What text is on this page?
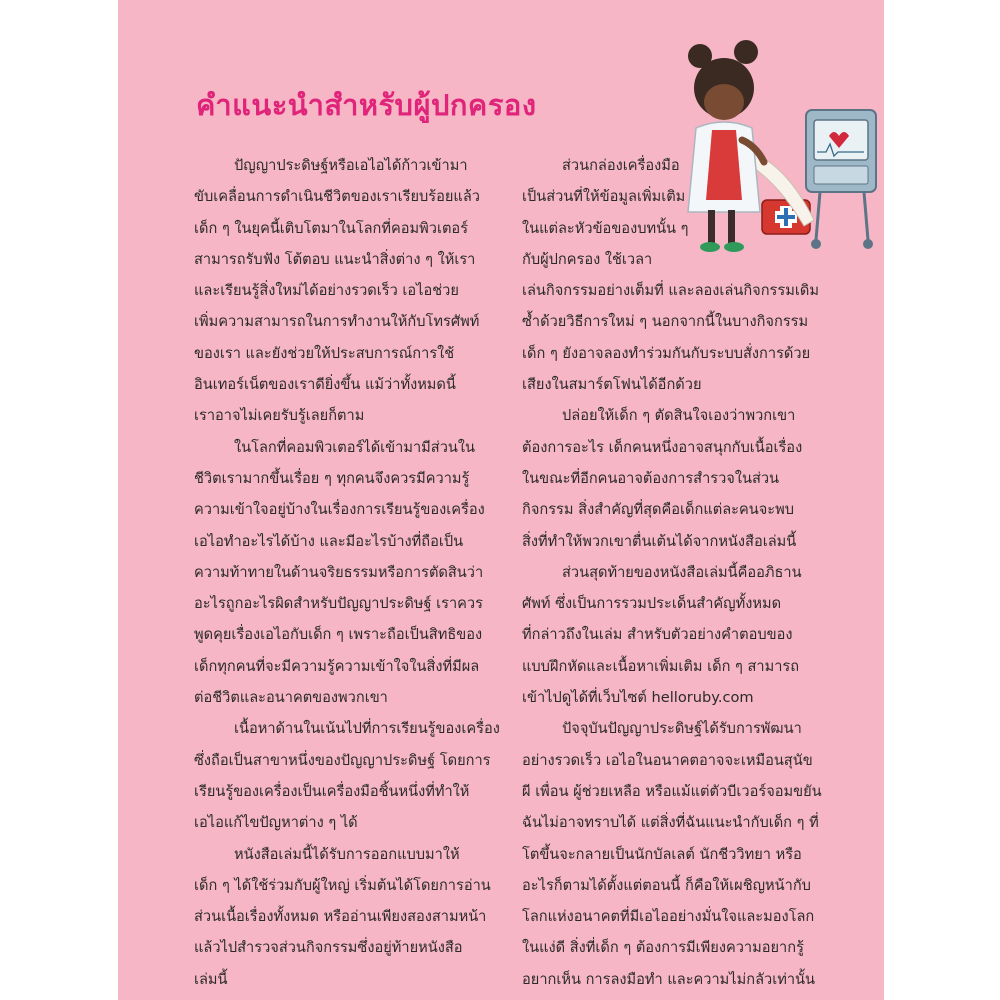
คำแนะนำสำหรับผู้ปกครอง
ปัญญาประดิษฐ์หรือเอไอได้ก้าวเข้ามา
ขับเคลื่อนการดำเนินชีวิตของเราเรียบร้อยแล้ว
เด็ก ๆ ในยุคนี้เติบโตมาในโลกที่คอมพิวเตอร์
สามารถรับฟัง โต้ตอบ แนะนำสิ่งต่าง ๆ ให้เรา
และเรียนรู้สิ่งใหม่ได้อย่างรวดเร็ว เอไอช่วย
เพิ่มความสามารถในการทำงานให้กับโทรศัพท์
ของเรา และยังช่วยให้ประสบการณ์การใช้
อินเทอร์เน็ตของเราดียิ่งขึ้น แม้ว่าทั้งหมดนี้
เราอาจไม่เคยรับรู้เลยก็ตาม
ในโลกที่คอมพิวเตอร์ได้เข้ามามีส่วนใน
ชีวิตเรามากขึ้นเรื่อย ๆ ทุกคนจึงควรมีความรู้
ความเข้าใจอยู่บ้างในเรื่องการเรียนรู้ของเครื่อง
เอไอทำอะไรได้บ้าง และมีอะไรบ้างที่ถือเป็น
ความท้าทายในด้านจริยธรรมหรือการตัดสินว่า
อะไรถูกอะไรผิดสำหรับปัญญาประดิษฐ์ เราควร
พูดคุยเรื่องเอไอกับเด็ก ๆ เพราะถือเป็นสิทธิของ
เด็กทุกคนที่จะมีความรู้ความเข้าใจในสิ่งที่มีผล
ต่อชีวิตและอนาคตของพวกเขา
เนื้อหาด้านในเน้นไปที่การเรียนรู้ของเครื่อง
ซึ่งถือเป็นสาขาหนึ่งของปัญญาประดิษฐ์ โดยการ
เรียนรู้ของเครื่องเป็นเครื่องมือชิ้นหนึ่งที่ทำให้
เอไอแก้ไขปัญหาต่าง ๆ ได้
หนังสือเล่มนี้ได้รับการออกแบบมาให้
เด็ก ๆ ได้ใช้ร่วมกับผู้ใหญ่ เริ่มต้นได้โดยการอ่าน
ส่วนเนื้อเรื่องทั้งหมด หรืออ่านเพียงสองสามหน้า
แล้วไปสำรวจส่วนกิจกรรมซึ่งอยู่ท้ายหนังสือ
เล่มนี้
ส่วนกล่องเครื่องมือ
เป็นส่วนที่ให้ข้อมูลเพิ่มเติม
ในแต่ละหัวข้อของบทนั้น ๆ
กับผู้ปกครอง ใช้เวลา
เล่นกิจกรรมอย่างเต็มที่ และลองเล่นกิจกรรมเดิม
ซ้ำด้วยวิธีการใหม่ ๆ นอกจากนี้ในบางกิจกรรม
เด็ก ๆ ยังอาจลองทำร่วมกันกับระบบสั่งการด้วย
เสียงในสมาร์ตโฟนได้อีกด้วย
ปล่อยให้เด็ก ๆ ตัดสินใจเองว่าพวกเขา
ต้องการอะไร เด็กคนหนึ่งอาจสนุกกับเนื้อเรื่อง
ในขณะที่อีกคนอาจต้องการสำรวจในส่วน
กิจกรรม สิ่งสำคัญที่สุดคือเด็กแต่ละคนจะพบ
สิ่งที่ทำให้พวกเขาตื่นเต้นได้จากหนังสือเล่มนี้
ส่วนสุดท้ายของหนังสือเล่มนี้คืออภิธาน
ศัพท์ ซึ่งเป็นการรวมประเด็นสำคัญทั้งหมด
ที่กล่าวถึงในเล่ม สำหรับตัวอย่างคำตอบของ
แบบฝึกหัดและเนื้อหาเพิ่มเติม เด็ก ๆ สามารถ
เข้าไปดูได้ที่เว็บไซต์ helloruby.com
ปัจจุบันปัญญาประดิษฐ์ได้รับการพัฒนา
อย่างรวดเร็ว เอไอในอนาคตอาจจะเหมือนสุนัข
ผี เพื่อน ผู้ช่วยเหลือ หรือแม้แต่ตัวบีเวอร์จอมขยัน
ฉันไม่อาจทราบได้ แต่สิ่งที่ฉันแนะนำกับเด็ก ๆ ที่
โตขึ้นจะกลายเป็นนักบัลเลต์ นักชีววิทยา หรือ
อะไรก็ตามได้ตั้งแต่ตอนนี้ ก็คือให้เผชิญหน้ากับ
โลกแห่งอนาคตที่มีเอไออย่างมั่นใจและมองโลก
ในแง่ดี สิ่งที่เด็ก ๆ ต้องการมีเพียงความอยากรู้
อยากเห็น การลงมือทำ และความไม่กลัวเท่านั้น
